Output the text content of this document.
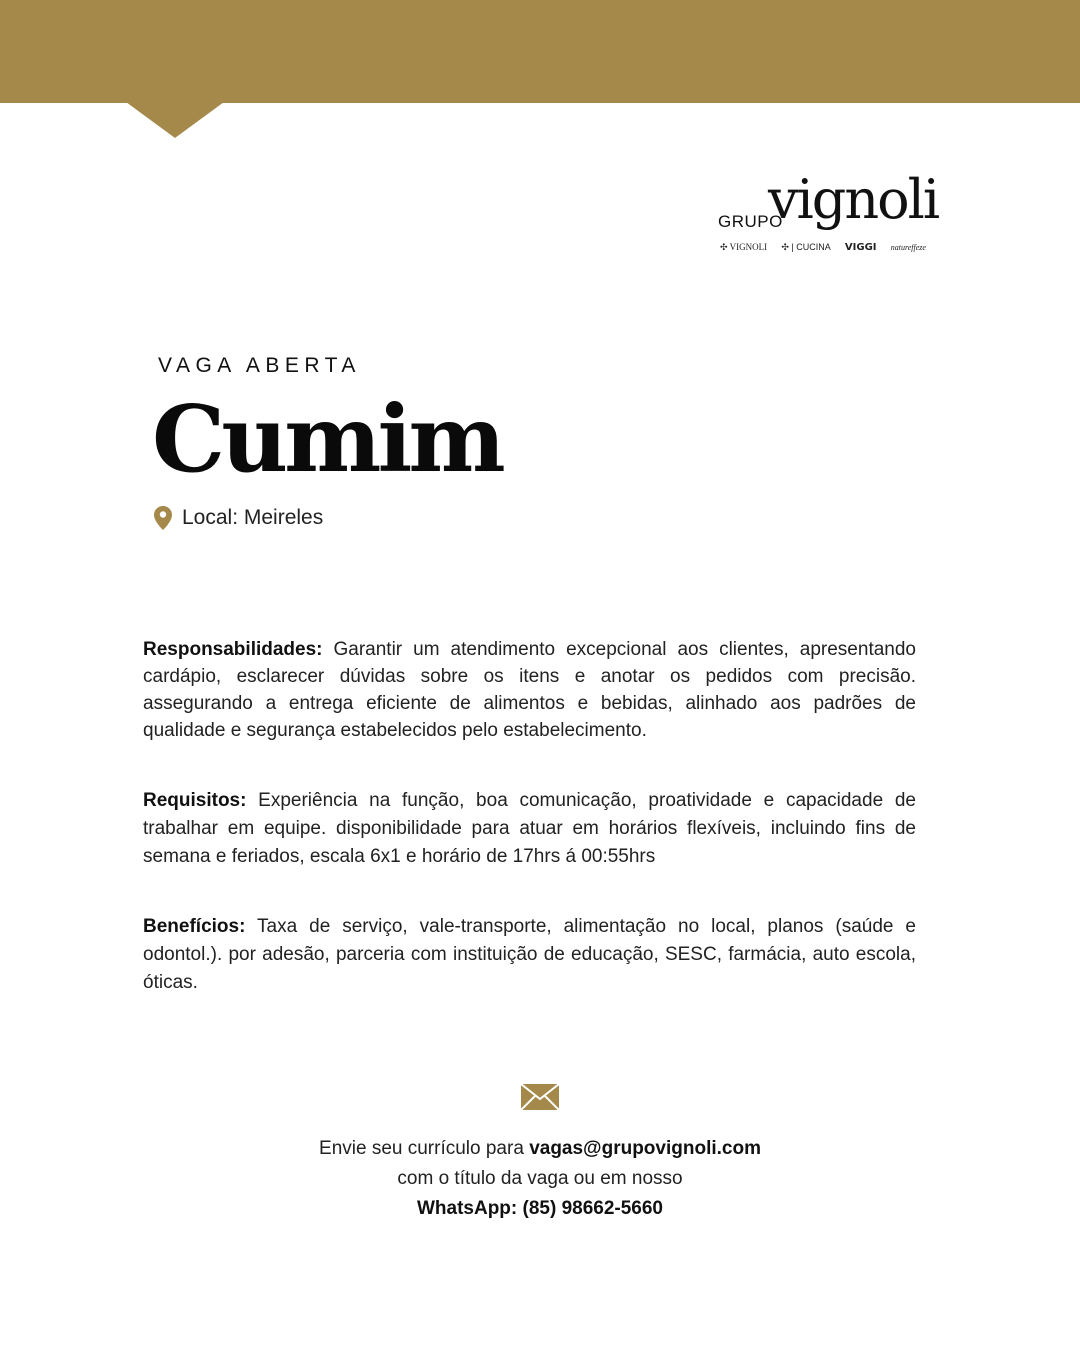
GRUPO
vignoli
✣ VIGNOLI ✣ | CUCINA VIGGI natureffeze
VAGA ABERTA
Cumim
Local: Meireles
Responsabilidades: Garantir um atendimento excepcional aos clientes, apresentando cardápio, esclarecer dúvidas sobre os itens e anotar os pedidos com precisão. assegurando a entrega eficiente de alimentos e bebidas, alinhado aos padrões de qualidade e segurança estabelecidos pelo estabelecimento.
Requisitos: Experiência na função, boa comunicação, proatividade e capacidade de trabalhar em equipe. disponibilidade para atuar em horários flexíveis, incluindo fins de semana e feriados, escala 6x1 e horário de 17hrs á 00:55hrs
Benefícios: Taxa de serviço, vale-transporte, alimentação no local, planos (saúde e odontol.). por adesão, parceria com instituição de educação, SESC, farmácia, auto escola, óticas.
Envie seu currículo para vagas@grupovignoli.com
com o título da vaga ou em nosso
WhatsApp: (85) 98662-5660
